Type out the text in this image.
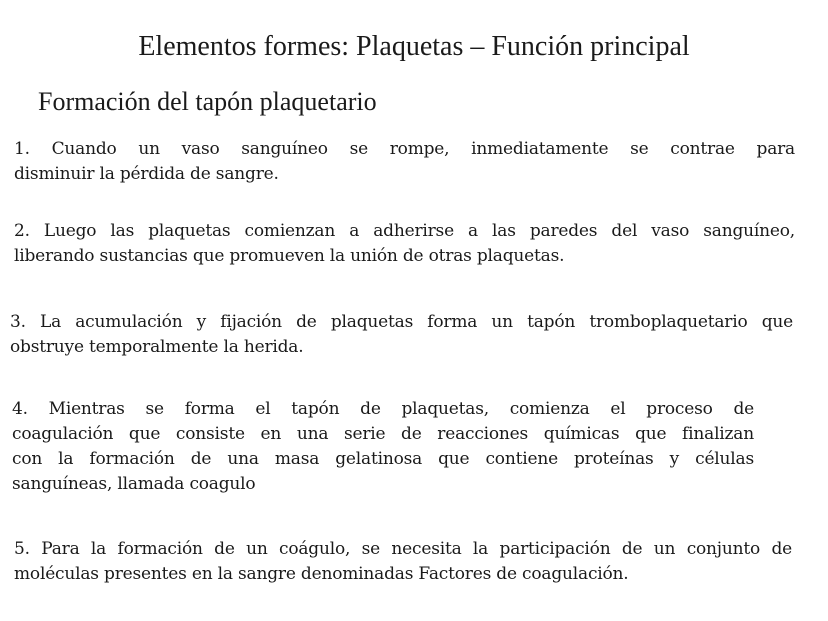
Elementos formes: Plaquetas – Función principal
Formación del tapón plaquetario
1. Cuando un vaso sanguíneo se rompe, inmediatamente se contrae para
disminuir la pérdida de sangre.
2. Luego las plaquetas comienzan a adherirse a las paredes del vaso sanguíneo,
liberando sustancias que promueven la unión de otras plaquetas.
3. La acumulación y fijación de plaquetas forma un tapón tromboplaquetario que
obstruye temporalmente la herida.
4. Mientras se forma el tapón de plaquetas, comienza el proceso de
coagulación que consiste en una serie de reacciones químicas que finalizan
con la formación de una masa gelatinosa que contiene proteínas y células
sanguíneas, llamada coagulo
5. Para la formación de un coágulo, se necesita la participación de un conjunto de
moléculas presentes en la sangre denominadas Factores de coagulación.
